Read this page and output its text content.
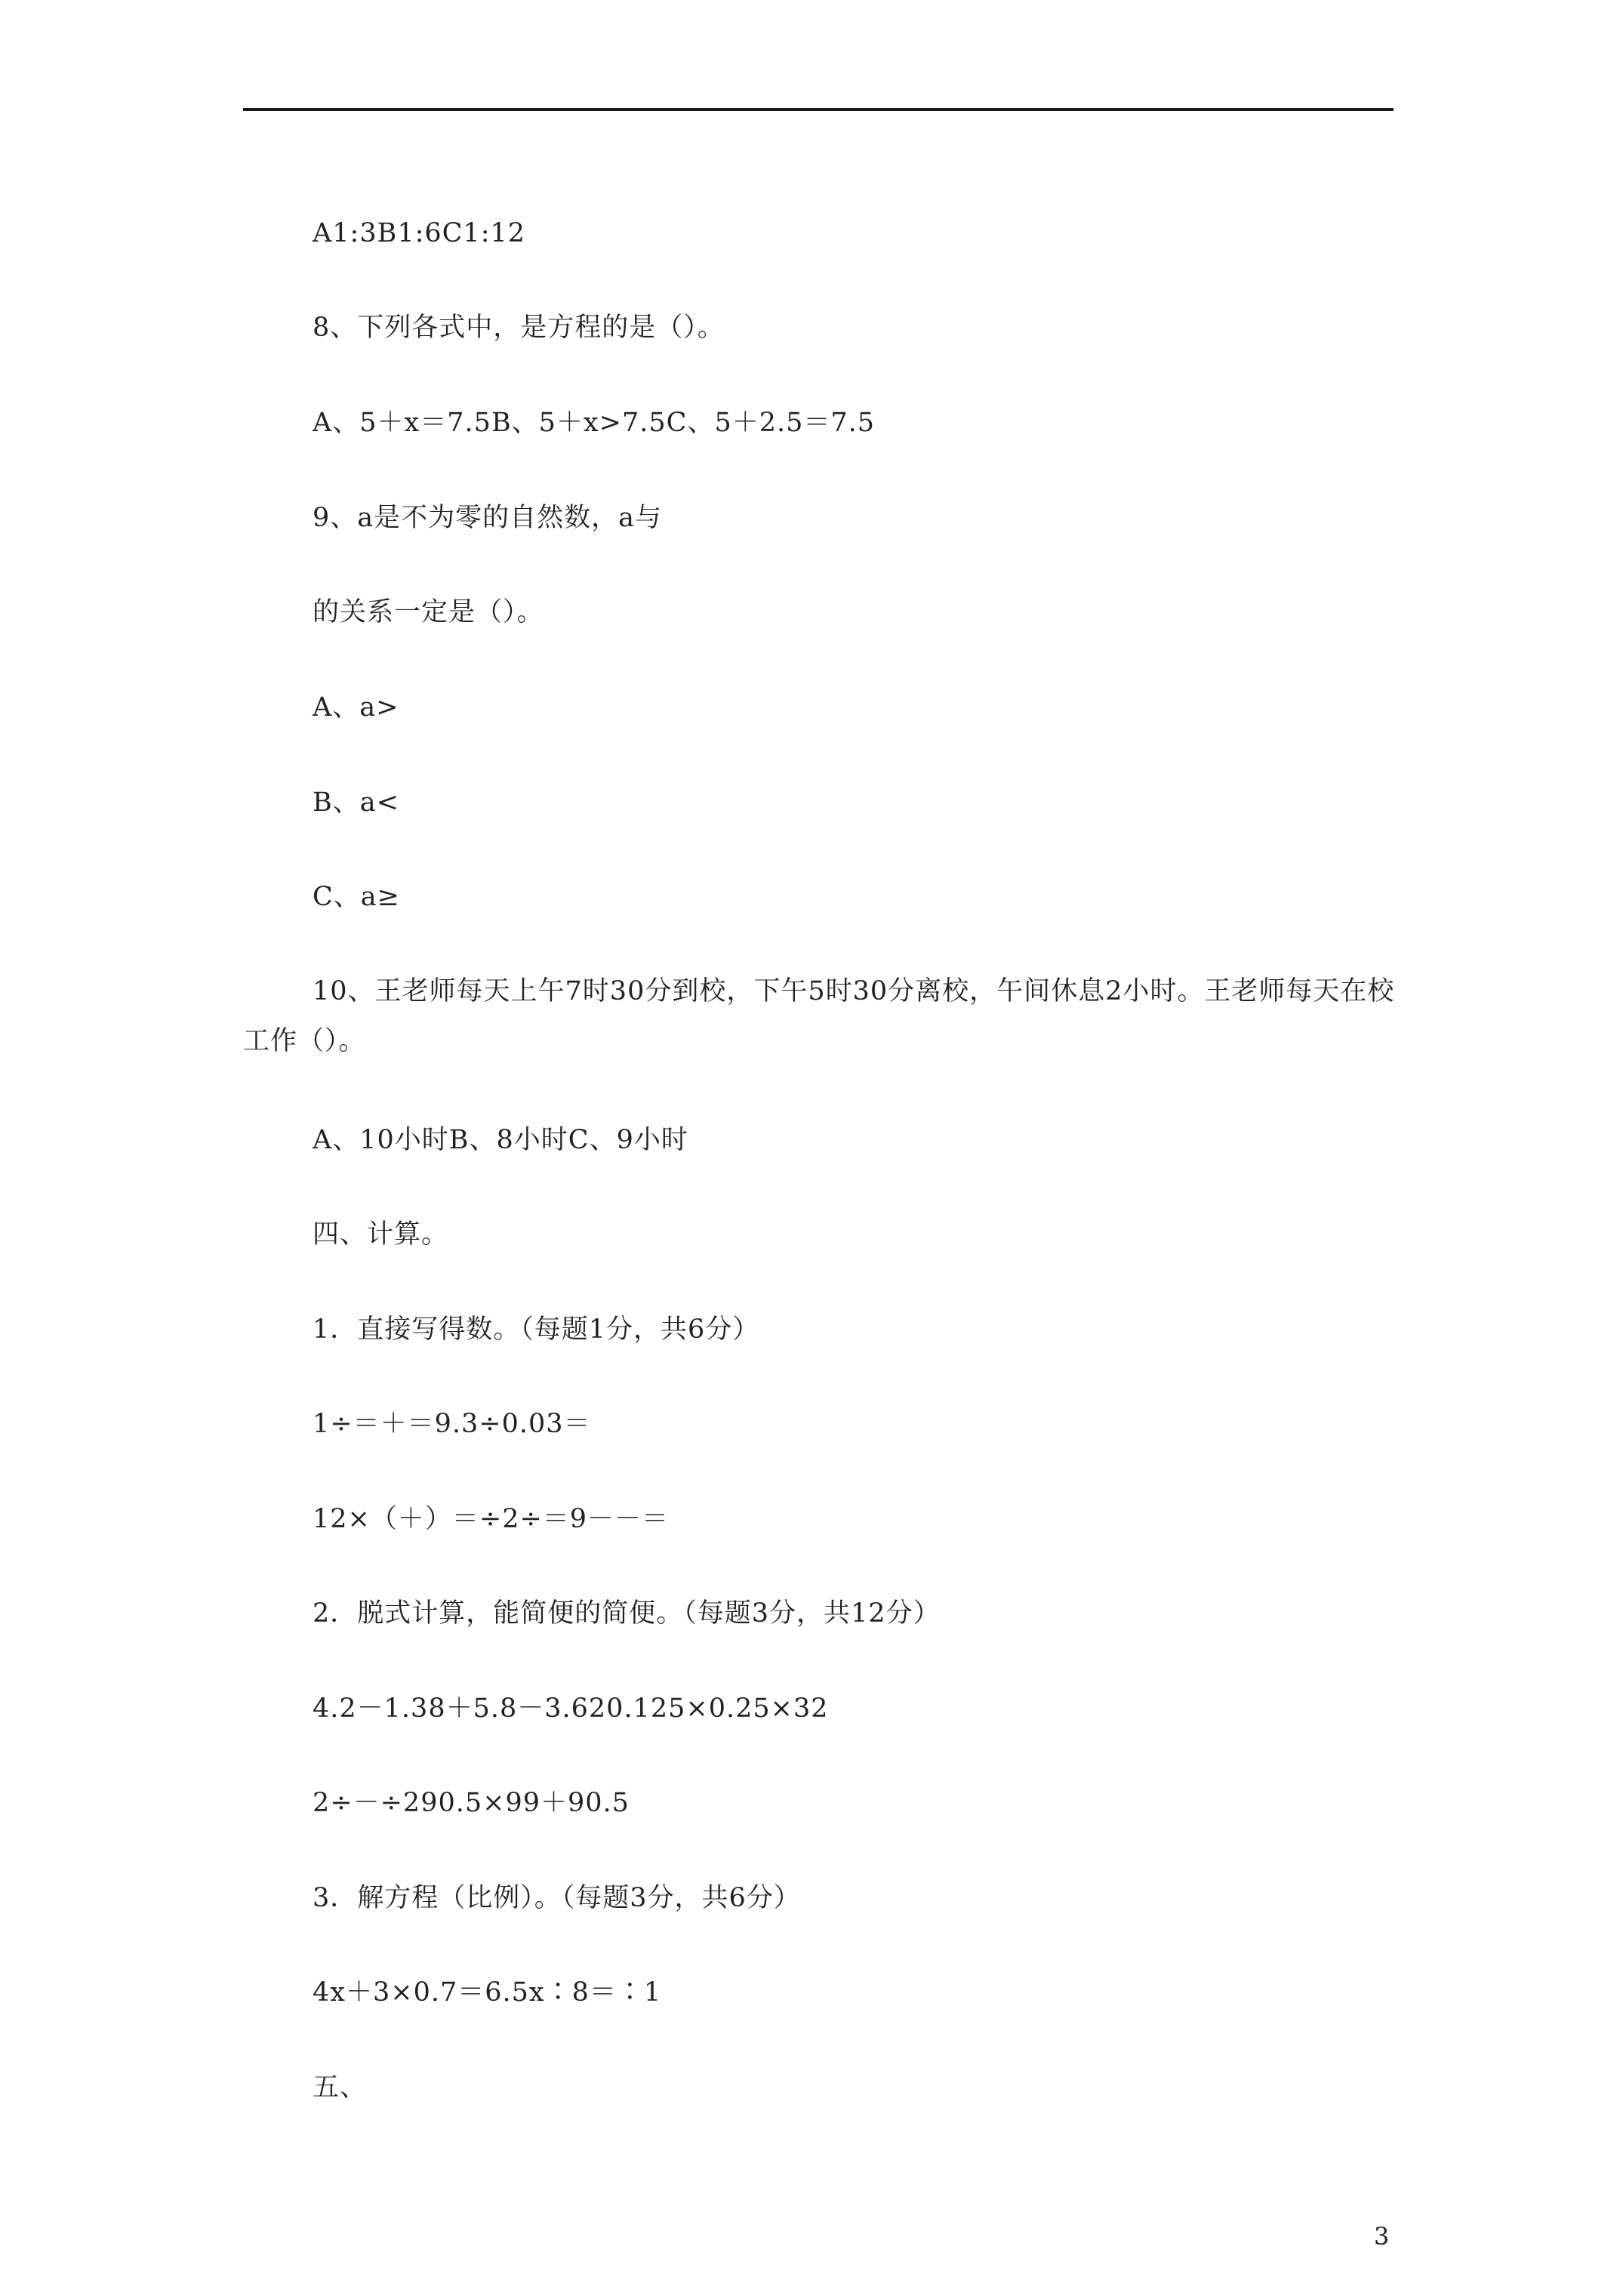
A1:3B1:6C1:12
8、下列各式中，是方程的是（）。
A、5＋x＝7.5B、5＋x>7.5C、5＋2.5＝7.5
9、a是不为零的自然数，a与
的关系一定是（）。
A、a>
B、a<
C、a≥
10、王老师每天上午7时30分到校，下午5时30分离校，午间休息2小时。王老师每天在校工作（）。
A、10小时B、8小时C、9小时
四、计算。
1．直接写得数。（每题1分，共6分）
1÷＝＋＝9.3÷0.03＝
12×（＋）＝÷2÷＝9－－＝
2．脱式计算，能简便的简便。（每题3分，共12分）
4.2－1.38＋5.8－3.620.125×0.25×32
2÷－÷290.5×99＋90.5
3．解方程（比例）。（每题3分，共6分）
4x＋3×0.7＝6.5x∶8＝∶1
五、
3
